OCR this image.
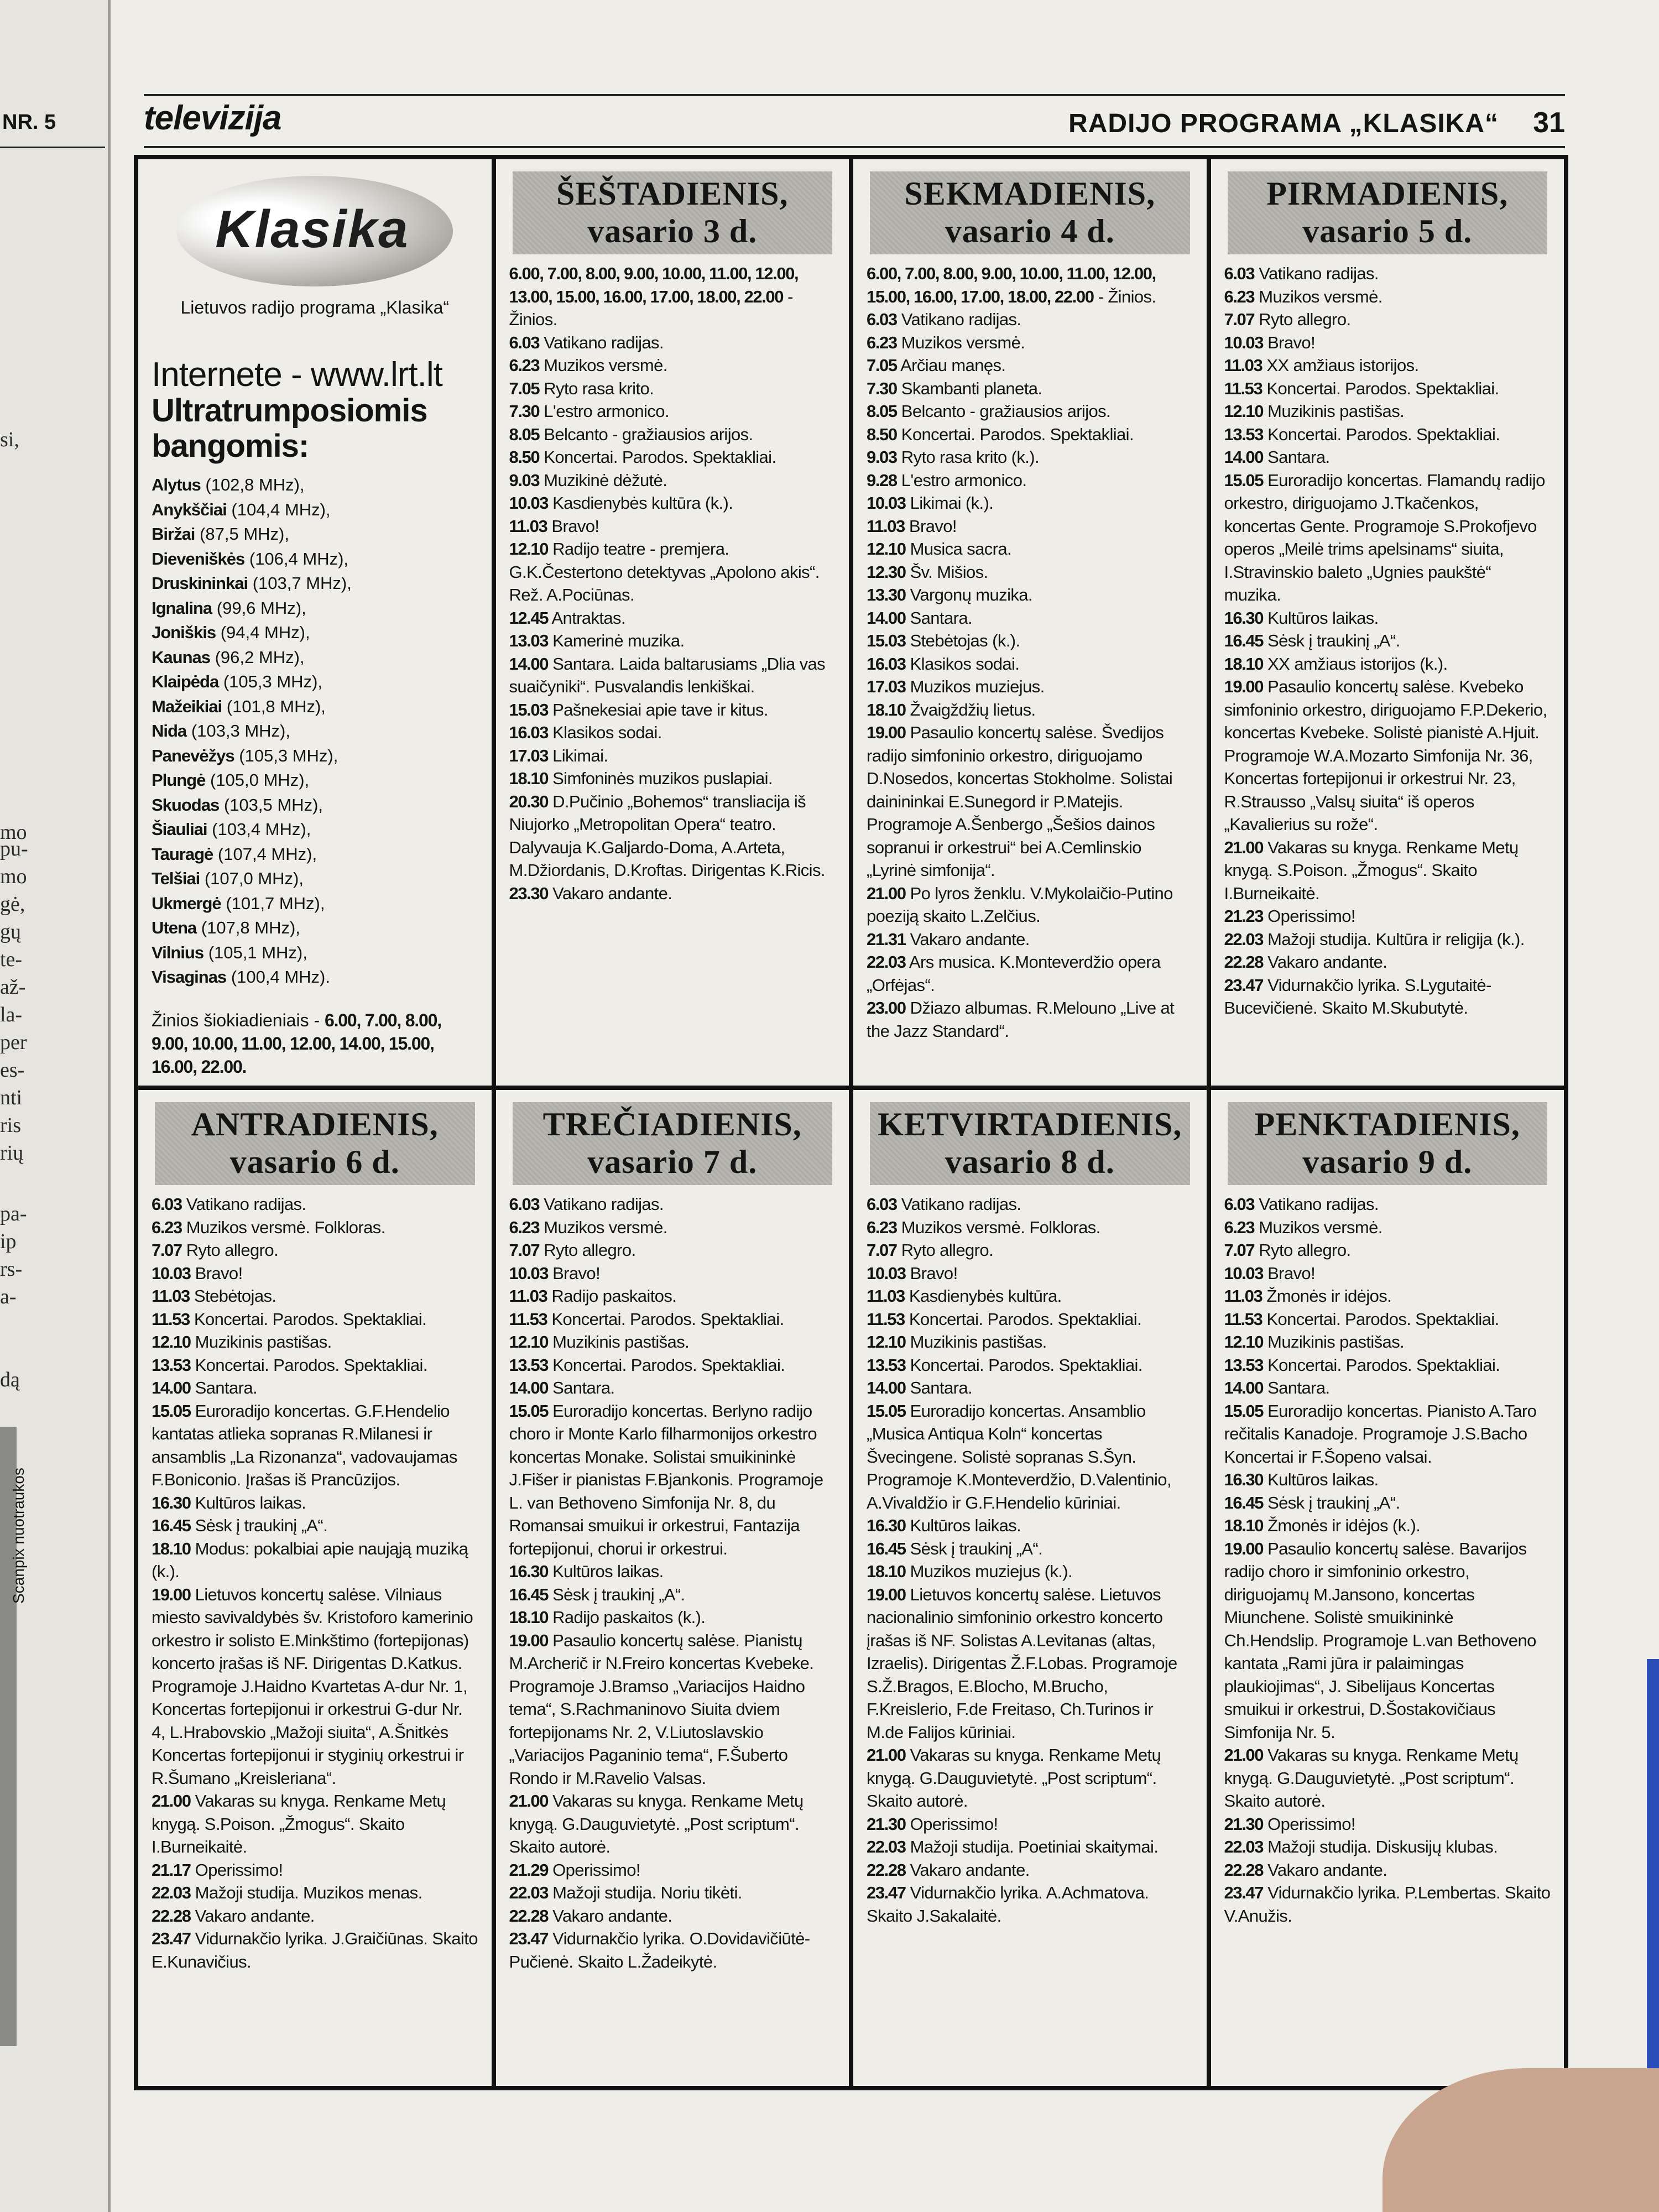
NR. 5
mo
si,
pu-
mo
gė,
gų
te-
až-
la-
per
es-
nti
ris
rių
pa-
ip
rs-
a-
dą
Scanpix nuotraukos
televizija	RADIJO PROGRAMA „KLASIKA“ 31
Klasika
Lietuvos radijo programa „Klasika“
Internete - www.lrt.lt
Ultratrumposiomis bangomis:
Alytus (102,8 MHz),
Anykščiai (104,4 MHz),
Biržai (87,5 MHz),
Dieveniškės (106,4 MHz),
Druskininkai (103,7 MHz),
Ignalina (99,6 MHz),
Joniškis (94,4 MHz),
Kaunas (96,2 MHz),
Klaipėda (105,3 MHz),
Mažeikiai (101,8 MHz),
Nida (103,3 MHz),
Panevėžys (105,3 MHz),
Plungė (105,0 MHz),
Skuodas (103,5 MHz),
Šiauliai (103,4 MHz),
Tauragė (107,4 MHz),
Telšiai (107,0 MHz),
Ukmergė (101,7 MHz),
Utena (107,8 MHz),
Vilnius (105,1 MHz),
Visaginas (100,4 MHz).
Žinios šiokiadieniais - 6.00, 7.00, 8.00, 9.00, 10.00, 11.00, 12.00, 14.00, 15.00, 16.00, 22.00.
ŠEŠTADIENIS,
vasario 3 d.
6.00, 7.00, 8.00, 9.00, 10.00, 11.00, 12.00, 13.00, 15.00, 16.00, 17.00, 18.00, 22.00 - Žinios.
6.03 Vatikano radijas.
6.23 Muzikos versmė.
7.05 Ryto rasa krito.
7.30 L'estro armonico.
8.05 Belcanto - gražiausios arijos.
8.50 Koncertai. Parodos. Spektakliai.
9.03 Muzikinė dėžutė.
10.03 Kasdienybės kultūra (k.).
11.03 Bravo!
12.10 Radijo teatre - premjera. G.K.Čestertono detektyvas „Apolono akis“. Rež. A.Pociūnas.
12.45 Antraktas.
13.03 Kamerinė muzika.
14.00 Santara. Laida baltarusiams „Dlia vas suaičyniki“. Pusvalandis lenkiškai.
15.03 Pašnekesiai apie tave ir kitus.
16.03 Klasikos sodai.
17.03 Likimai.
18.10 Simfoninės muzikos puslapiai.
20.30 D.Pučinio „Bohemos“ transliacija iš Niujorko „Metropolitan Opera“ teatro. Dalyvauja K.Galjardo-Doma, A.Arteta, M.Džiordanis, D.Kroftas. Dirigentas K.Ricis.
23.30 Vakaro andante.
SEKMADIENIS,
vasario 4 d.
6.00, 7.00, 8.00, 9.00, 10.00, 11.00, 12.00, 15.00, 16.00, 17.00, 18.00, 22.00 - Žinios.
6.03 Vatikano radijas.
6.23 Muzikos versmė.
7.05 Arčiau manęs.
7.30 Skambanti planeta.
8.05 Belcanto - gražiausios arijos.
8.50 Koncertai. Parodos. Spektakliai.
9.03 Ryto rasa krito (k.).
9.28 L'estro armonico.
10.03 Likimai (k.).
11.03 Bravo!
12.10 Musica sacra.
12.30 Šv. Mišios.
13.30 Vargonų muzika.
14.00 Santara.
15.03 Stebėtojas (k.).
16.03 Klasikos sodai.
17.03 Muzikos muziejus.
18.10 Žvaigždžių lietus.
19.00 Pasaulio koncertų salėse. Švedijos radijo simfoninio orkestro, diriguojamo D.Nosedos, koncertas Stokholme. Solistai dainininkai E.Sunegord ir P.Matejis. Programoje A.Šenbergo „Šešios dainos sopranui ir orkestrui“ bei A.Cemlinskio „Lyrinė simfonija“.
21.00 Po lyros ženklu. V.Mykolaičio-Putino poeziją skaito L.Zelčius.
21.31 Vakaro andante.
22.03 Ars musica. K.Monteverdžio opera „Orfėjas“.
23.00 Džiazo albumas. R.Melouno „Live at the Jazz Standard“.
PIRMADIENIS,
vasario 5 d.
6.03 Vatikano radijas.
6.23 Muzikos versmė.
7.07 Ryto allegro.
10.03 Bravo!
11.03 XX amžiaus istorijos.
11.53 Koncertai. Parodos. Spektakliai.
12.10 Muzikinis pastišas.
13.53 Koncertai. Parodos. Spektakliai.
14.00 Santara.
15.05 Euroradijo koncertas. Flamandų radijo orkestro, diriguojamo J.Tkačenkos, koncertas Gente. Programoje S.Prokofjevo operos „Meilė trims apelsinams“ siuita, I.Stravinskio baleto „Ugnies paukštė“ muzika.
16.30 Kultūros laikas.
16.45 Sėsk į traukinį „A“.
18.10 XX amžiaus istorijos (k.).
19.00 Pasaulio koncertų salėse. Kvebeko simfoninio orkestro, diriguojamo F.P.Dekerio, koncertas Kvebeke. Solistė pianistė A.Hjuit. Programoje W.A.Mozarto Simfonija Nr. 36, Koncertas fortepijonui ir orkestrui Nr. 23, R.Strausso „Valsų siuita“ iš operos „Kavalierius su rože“.
21.00 Vakaras su knyga. Renkame Metų knygą. S.Poison. „Žmogus“. Skaito I.Burneikaitė.
21.23 Operissimo!
22.03 Mažoji studija. Kultūra ir religija (k.).
22.28 Vakaro andante.
23.47 Vidurnakčio lyrika. S.Lygutaitė-Bucevičienė. Skaito M.Skubutytė.
ANTRADIENIS,
vasario 6 d.
6.03 Vatikano radijas.
6.23 Muzikos versmė. Folkloras.
7.07 Ryto allegro.
10.03 Bravo!
11.03 Stebėtojas.
11.53 Koncertai. Parodos. Spektakliai.
12.10 Muzikinis pastišas.
13.53 Koncertai. Parodos. Spektakliai.
14.00 Santara.
15.05 Euroradijo koncertas. G.F.Hendelio kantatas atlieka sopranas R.Milanesi ir ansamblis „La Rizonanza“, vadovaujamas F.Boniconio. Įrašas iš Prancūzijos.
16.30 Kultūros laikas.
16.45 Sėsk į traukinį „A“.
18.10 Modus: pokalbiai apie naująją muziką (k.).
19.00 Lietuvos koncertų salėse. Vilniaus miesto savivaldybės šv. Kristoforo kamerinio orkestro ir solisto E.Minkštimo (fortepijonas) koncerto įrašas iš NF. Dirigentas D.Katkus. Programoje J.Haidno Kvartetas A-dur Nr. 1, Koncertas fortepijonui ir orkestrui G-dur Nr. 4, L.Hrabovskio „Mažoji siuita“, A.Šnitkės Koncertas fortepijonui ir styginių orkestrui ir R.Šumano „Kreisleriana“.
21.00 Vakaras su knyga. Renkame Metų knygą. S.Poison. „Žmogus“. Skaito I.Burneikaitė.
21.17 Operissimo!
22.03 Mažoji studija. Muzikos menas.
22.28 Vakaro andante.
23.47 Vidurnakčio lyrika. J.Graičiūnas. Skaito E.Kunavičius.
TREČIADIENIS,
vasario 7 d.
6.03 Vatikano radijas.
6.23 Muzikos versmė.
7.07 Ryto allegro.
10.03 Bravo!
11.03 Radijo paskaitos.
11.53 Koncertai. Parodos. Spektakliai.
12.10 Muzikinis pastišas.
13.53 Koncertai. Parodos. Spektakliai.
14.00 Santara.
15.05 Euroradijo koncertas. Berlyno radijo choro ir Monte Karlo filharmonijos orkestro koncertas Monake. Solistai smuikininkė J.Fišer ir pianistas F.Bjankonis. Programoje L. van Bethoveno Simfonija Nr. 8, du Romansai smuikui ir orkestrui, Fantazija fortepijonui, chorui ir orkestrui.
16.30 Kultūros laikas.
16.45 Sėsk į traukinį „A“.
18.10 Radijo paskaitos (k.).
19.00 Pasaulio koncertų salėse. Pianistų M.Archerič ir N.Freiro koncertas Kvebeke. Programoje J.Bramso „Variacijos Haidno tema“, S.Rachmaninovo Siuita dviem fortepijonams Nr. 2, V.Liutoslavskio „Variacijos Paganinio tema“, F.Šuberto Rondo ir M.Ravelio Valsas.
21.00 Vakaras su knyga. Renkame Metų knygą. G.Dauguvietytė. „Post scriptum“. Skaito autorė.
21.29 Operissimo!
22.03 Mažoji studija. Noriu tikėti.
22.28 Vakaro andante.
23.47 Vidurnakčio lyrika. O.Dovidavičiūtė-Pučienė. Skaito L.Žadeikytė.
KETVIRTADIENIS,
vasario 8 d.
6.03 Vatikano radijas.
6.23 Muzikos versmė. Folkloras.
7.07 Ryto allegro.
10.03 Bravo!
11.03 Kasdienybės kultūra.
11.53 Koncertai. Parodos. Spektakliai.
12.10 Muzikinis pastišas.
13.53 Koncertai. Parodos. Spektakliai.
14.00 Santara.
15.05 Euroradijo koncertas. Ansamblio „Musica Antiqua Koln“ koncertas Švecingene. Solistė sopranas S.Šyn. Programoje K.Monteverdžio, D.Valentinio, A.Vivaldžio ir G.F.Hendelio kūriniai.
16.30 Kultūros laikas.
16.45 Sėsk į traukinį „A“.
18.10 Muzikos muziejus (k.).
19.00 Lietuvos koncertų salėse. Lietuvos nacionalinio simfoninio orkestro koncerto įrašas iš NF. Solistas A.Levitanas (altas, Izraelis). Dirigentas Ž.F.Lobas. Programoje S.Ž.Bragos, E.Blocho, M.Brucho, F.Kreislerio, F.de Freitaso, Ch.Turinos ir M.de Falijos kūriniai.
21.00 Vakaras su knyga. Renkame Metų knygą. G.Dauguvietytė. „Post scriptum“. Skaito autorė.
21.30 Operissimo!
22.03 Mažoji studija. Poetiniai skaitymai.
22.28 Vakaro andante.
23.47 Vidurnakčio lyrika. A.Achmatova. Skaito J.Sakalaitė.
PENKTADIENIS,
vasario 9 d.
6.03 Vatikano radijas.
6.23 Muzikos versmė.
7.07 Ryto allegro.
10.03 Bravo!
11.03 Žmonės ir idėjos.
11.53 Koncertai. Parodos. Spektakliai.
12.10 Muzikinis pastišas.
13.53 Koncertai. Parodos. Spektakliai.
14.00 Santara.
15.05 Euroradijo koncertas. Pianisto A.Taro rečitalis Kanadoje. Programoje J.S.Bacho Koncertai ir F.Šopeno valsai.
16.30 Kultūros laikas.
16.45 Sėsk į traukinį „A“.
18.10 Žmonės ir idėjos (k.).
19.00 Pasaulio koncertų salėse. Bavarijos radijo choro ir simfoninio orkestro, diriguojamų M.Jansono, koncertas Miunchene. Solistė smuikininkė Ch.Hendslip. Programoje L.van Bethoveno kantata „Rami jūra ir palaimingas plaukiojimas“, J. Sibelijaus Koncertas smuikui ir orkestrui, D.Šostakovičiaus Simfonija Nr. 5.
21.00 Vakaras su knyga. Renkame Metų knygą. G.Dauguvietytė. „Post scriptum“. Skaito autorė.
21.30 Operissimo!
22.03 Mažoji studija. Diskusijų klubas.
22.28 Vakaro andante.
23.47 Vidurnakčio lyrika. P.Lembertas. Skaito V.Anužis.
